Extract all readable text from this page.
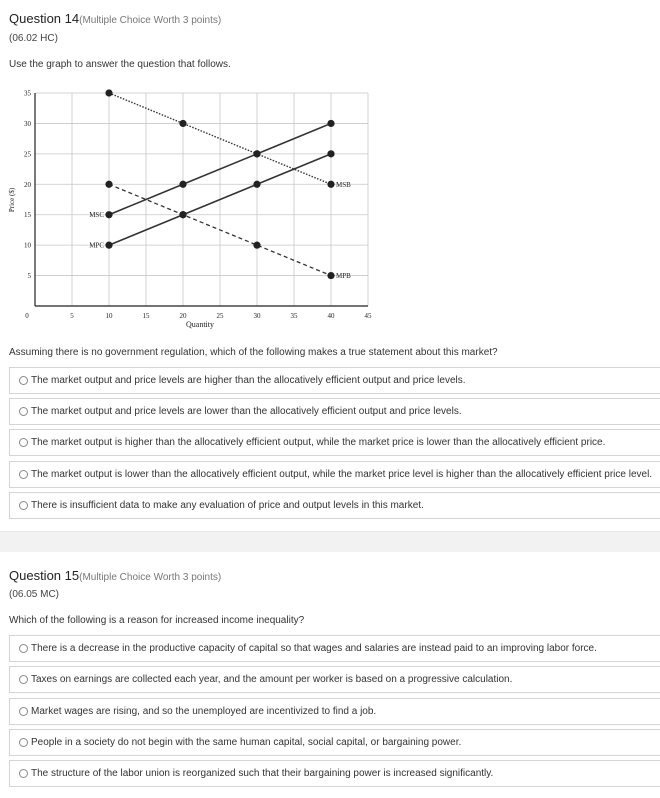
Question 14(Multiple Choice Worth 3 points)
(06.02 HC)
Use the graph to answer the question that follows.
0	5	10	15	20	25	30	35	40	45
5
10
15
20
25
30
35
MSC
MPC
MSB
MPB
Price ($)
Quantity
Assuming there is no government regulation, which of the following makes a true statement about this market?
The market output and price levels are higher than the allocatively efficient output and price levels.
The market output and price levels are lower than the allocatively efficient output and price levels.
The market output is higher than the allocatively efficient output, while the market price is lower than the allocatively efficient price.
The market output is lower than the allocatively efficient output, while the market price level is higher than the allocatively efficient price level.
There is insufficient data to make any evaluation of price and output levels in this market.
Question 15(Multiple Choice Worth 3 points)
(06.05 MC)
Which of the following is a reason for increased income inequality?
There is a decrease in the productive capacity of capital so that wages and salaries are instead paid to an improving labor force.
Taxes on earnings are collected each year, and the amount per worker is based on a progressive calculation.
Market wages are rising, and so the unemployed are incentivized to find a job.
People in a society do not begin with the same human capital, social capital, or bargaining power.
The structure of the labor union is reorganized such that their bargaining power is increased significantly.
